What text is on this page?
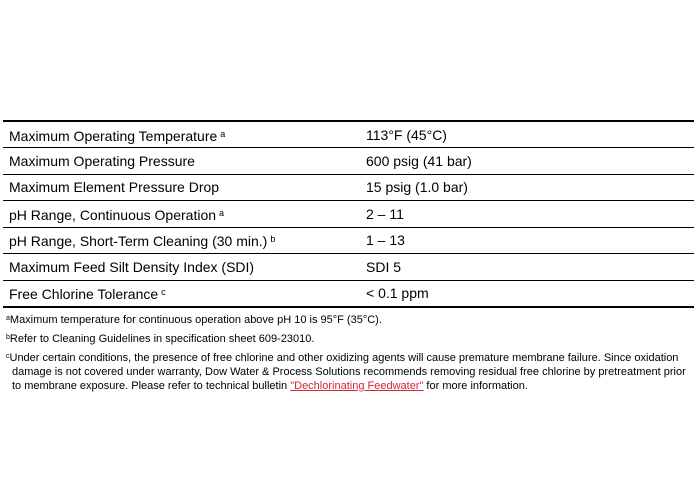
Maximum Operating Temperature $^a$	113°F (45°C)
Maximum Operating Pressure	600 psig (41 bar)
Maximum Element Pressure Drop	15 psig (1.0 bar)
pH Range, Continuous Operation $^a$	2 – 11
pH Range, Short-Term Cleaning (30 min.) $^b$	1 – 13
Maximum Feed Silt Density Index (SDI)	SDI 5
Free Chlorine Tolerance $^c$	< 0.1 ppm

$^a$Maximum temperature for continuous operation above pH 10 is 95°F (35°C).

$^b$Refer to Cleaning Guidelines in specification sheet 609-23010.

$^c$Under certain conditions, the presence of free chlorine and other oxidizing agents will cause premature membrane failure. Since oxidation damage is not covered under warranty, Dow Water & Process Solutions recommends removing residual free chlorine by pretreatment prior to membrane exposure. Please refer to technical bulletin "Dechlorinating Feedwater" for more information.
